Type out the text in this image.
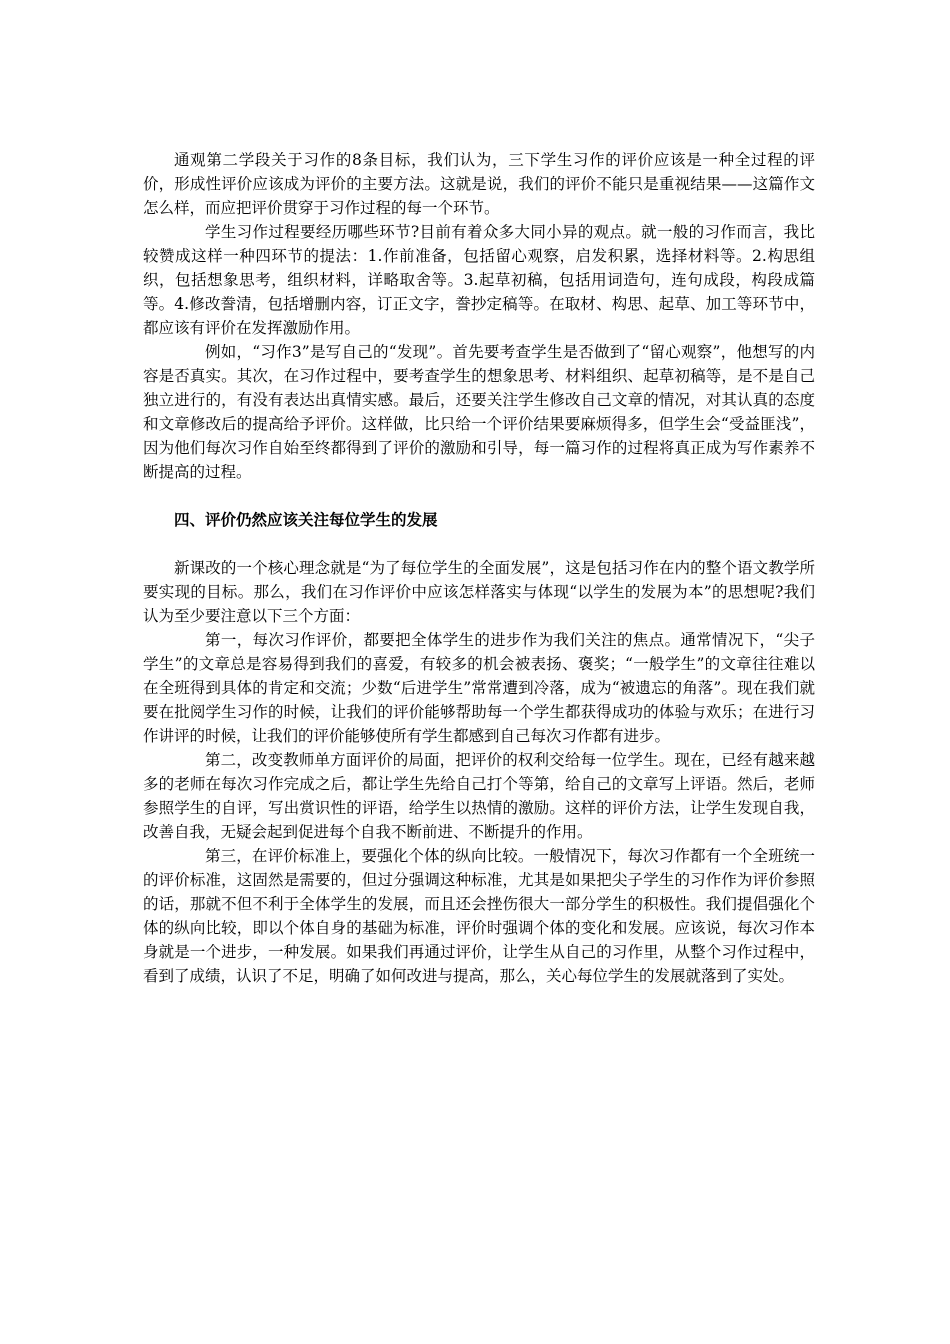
通观第二学段关于习作的8条目标，我们认为，三下学生习作的评价应该是一种全过程的评价，形成性评价应该成为评价的主要方法。这就是说，我们的评价不能只是重视结果——这篇作文怎么样，而应把评价贯穿于习作过程的每一个环节。

学生习作过程要经历哪些环节?目前有着众多大同小异的观点。就一般的习作而言，我比较赞成这样一种四环节的提法：1.作前准备，包括留心观察，启发积累，选择材料等。2.构思组织，包括想象思考，组织材料，详略取舍等。3.起草初稿，包括用词造句，连句成段，构段成篇等。4.修改誊清，包括增删内容，订正文字，誊抄定稿等。在取材、构思、起草、加工等环节中，都应该有评价在发挥激励作用。

例如，“习作3”是写自己的“发现”。首先要考查学生是否做到了“留心观察”，他想写的内容是否真实。其次，在习作过程中，要考查学生的想象思考、材料组织、起草初稿等，是不是自己独立进行的，有没有表达出真情实感。最后，还要关注学生修改自己文章的情况，对其认真的态度和文章修改后的提高给予评价。这样做，比只给一个评价结果要麻烦得多，但学生会“受益匪浅”，因为他们每次习作自始至终都得到了评价的激励和引导，每一篇习作的过程将真正成为写作素养不断提高的过程。

四、评价仍然应该关注每位学生的发展

新课改的一个核心理念就是“为了每位学生的全面发展”，这是包括习作在内的整个语文教学所要实现的目标。那么，我们在习作评价中应该怎样落实与体现“以学生的发展为本”的思想呢?我们认为至少要注意以下三个方面：

第一，每次习作评价，都要把全体学生的进步作为我们关注的焦点。通常情况下，“尖子学生”的文章总是容易得到我们的喜爱，有较多的机会被表扬、褒奖；“一般学生”的文章往往难以在全班得到具体的肯定和交流；少数“后进学生”常常遭到冷落，成为“被遗忘的角落”。现在我们就要在批阅学生习作的时候，让我们的评价能够帮助每一个学生都获得成功的体验与欢乐；在进行习作讲评的时候，让我们的评价能够使所有学生都感到自己每次习作都有进步。

第二，改变教师单方面评价的局面，把评价的权利交给每一位学生。现在，已经有越来越多的老师在每次习作完成之后，都让学生先给自己打个等第，给自己的文章写上评语。然后，老师参照学生的自评，写出赏识性的评语，给学生以热情的激励。这样的评价方法，让学生发现自我，改善自我，无疑会起到促进每个自我不断前进、不断提升的作用。

第三，在评价标准上，要强化个体的纵向比较。一般情况下，每次习作都有一个全班统一的评价标准，这固然是需要的，但过分强调这种标准，尤其是如果把尖子学生的习作作为评价参照的话，那就不但不利于全体学生的发展，而且还会挫伤很大一部分学生的积极性。我们提倡强化个体的纵向比较，即以个体自身的基础为标准，评价时强调个体的变化和发展。应该说，每次习作本身就是一个进步，一种发展。如果我们再通过评价，让学生从自己的习作里，从整个习作过程中，看到了成绩，认识了不足，明确了如何改进与提高，那么，关心每位学生的发展就落到了实处。
